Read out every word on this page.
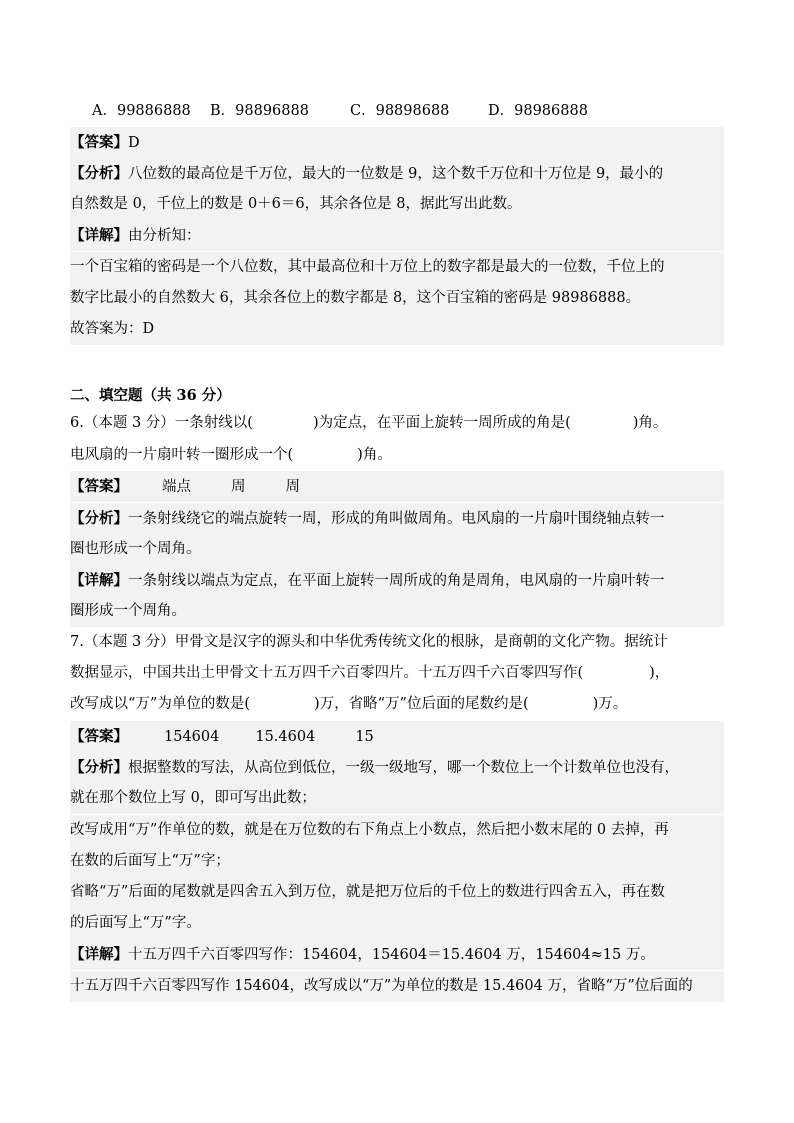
A．99886888 B．98896888	C．98898688	D．98986888
【答案】D
【分析】八位数的最高位是千万位，最大的一位数是 9，这个数千万位和十万位是 9，最小的
自然数是 0，千位上的数是 0＋6＝6，其余各位是 8，据此写出此数。
【详解】由分析知：
一个百宝箱的密码是一个八位数，其中最高位和十万位上的数字都是最大的一位数，千位上的
数字比最小的自然数大 6，其余各位上的数字都是 8，这个百宝箱的密码是 98986888。
故答案为：D
二、填空题（共 36 分）
6.（本题 3 分）一条射线以(	)为定点，在平面上旋转一周所成的角是(	)角。
电风扇的一片扇叶转一圈形成一个(	)角。
【答案】 端点	周	周
【分析】一条射线绕它的端点旋转一周，形成的角叫做周角。电风扇的一片扇叶围绕轴点转一
圈也形成一个周角。
【详解】一条射线以端点为定点，在平面上旋转一周所成的角是周角，电风扇的一片扇叶转一
圈形成一个周角。
7.（本题 3 分）甲骨文是汉字的源头和中华优秀传统文化的根脉，是商朝的文化产物。据统计
数据显示，中国共出土甲骨文十五万四千六百零四片。十五万四千六百零四写作(	)，
改写成以“万”为单位的数是(	)万，省略“万”位后面的尾数约是(	)万。
【答案】 154604 15.4604	15
【分析】根据整数的写法，从高位到低位，一级一级地写，哪一个数位上一个计数单位也没有，
就在那个数位上写 0，即可写出此数；
改写成用“万”作单位的数，就是在万位数的右下角点上小数点，然后把小数末尾的 0 去掉，再
在数的后面写上“万”字；
省略“万”后面的尾数就是四舍五入到万位，就是把万位后的千位上的数进行四舍五入，再在数
的后面写上“万”字。
【详解】十五万四千六百零四写作：154604，154604＝15.4604 万，154604≈15 万。
十五万四千六百零四写作 154604，改写成以“万”为单位的数是 15.4604 万，省略“万”位后面的
